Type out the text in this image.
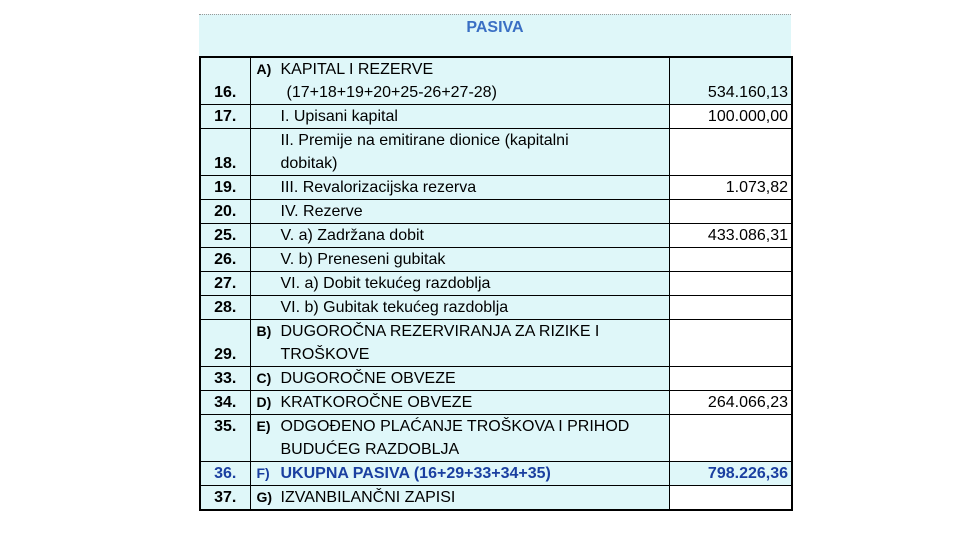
PASIVA
16.	A) KAPITAL I REZERVE
(17+18+19+20+25-26+27-28)	534.160,13
17.	I. Upisani kapital	100.000,00
18.	II. Premije na emitirane dionice (kapitalni
dobitak)	

19.	III. Revalorizacijska rezerva	1.073,82
20.	IV. Rezerve	

25.	V. a) Zadržana dobit	433.086,31
26.	V. b) Preneseni gubitak	

27.	VI. a) Dobit tekućeg razdoblja	

28.	VI. b) Gubitak tekućeg razdoblja	

29.	B) DUGOROČNA REZERVIRANJA ZA RIZIKE I
TROŠKOVE	

33.	C) DUGOROČNE OBVEZE	

34.	D) KRATKOROČNE OBVEZE	264.066,23
35.	E) ODGOĐENO PLAĆANJE TROŠKOVA I PRIHOD
BUDUĆEG RAZDOBLJA	

36.	F) UKUPNA PASIVA (16+29+33+34+35)	798.226,36
37.	G) IZVANBILANČNI ZAPISI	
